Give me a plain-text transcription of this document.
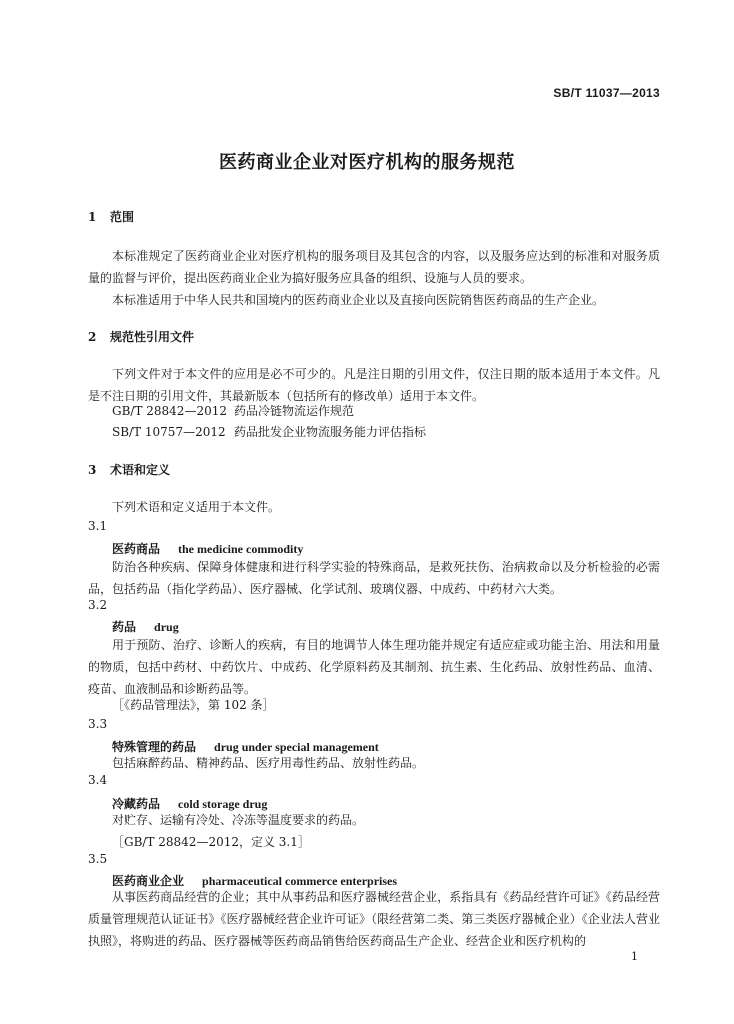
SB/T 11037—2013
医药商业企业对医疗机构的服务规范
1 范围

本标准规定了医药商业企业对医疗机构的服务项目及其包含的内容，以及服务应达到的标准和对服务质量的监督与评价，提出医药商业企业为搞好服务应具备的组织、设施与人员的要求。

本标准适用于中华人民共和国境内的医药商业企业以及直接向医院销售医药商品的生产企业。

2 规范性引用文件

下列文件对于本文件的应用是必不可少的。凡是注日期的引用文件，仅注日期的版本适用于本文件。凡是不注日期的引用文件，其最新版本（包括所有的修改单）适用于本文件。

GB/T 28842—2012 药品冷链物流运作规范
SB/T 10757—2012 药品批发企业物流服务能力评估指标
3 术语和定义

下列术语和定义适用于本文件。

3.1
医药商品 the medicine commodity

防治各种疾病、保障身体健康和进行科学实验的特殊商品，是救死扶伤、治病救命以及分析检验的必需品，包括药品（指化学药品）、医疗器械、化学试剂、玻璃仪器、中成药、中药材六大类。

3.2
药品 drug

用于预防、治疗、诊断人的疾病，有目的地调节人体生理功能并规定有适应症或功能主治、用法和用量的物质，包括中药材、中药饮片、中成药、化学原料药及其制剂、抗生素、生化药品、放射性药品、血清、疫苗、血液制品和诊断药品等。

［《药品管理法》，第 102 条］
3.3
特殊管理的药品 drug under special management

包括麻醉药品、精神药品、医疗用毒性药品、放射性药品。

3.4
冷藏药品 cold storage drug

对贮存、运输有冷处、冷冻等温度要求的药品。

［GB/T 28842—2012，定义 3.1］
3.5
医药商业企业 pharmaceutical commerce enterprises

从事医药商品经营的企业；其中从事药品和医疗器械经营企业，系指具有《药品经营许可证》《药品经营质量管理规范认证证书》《医疗器械经营企业许可证》（限经营第二类、第三类医疗器械企业）《企业法人营业执照》，将购进的药品、医疗器械等医药商品销售给医药商品生产企业、经营企业和医疗机构的

1
